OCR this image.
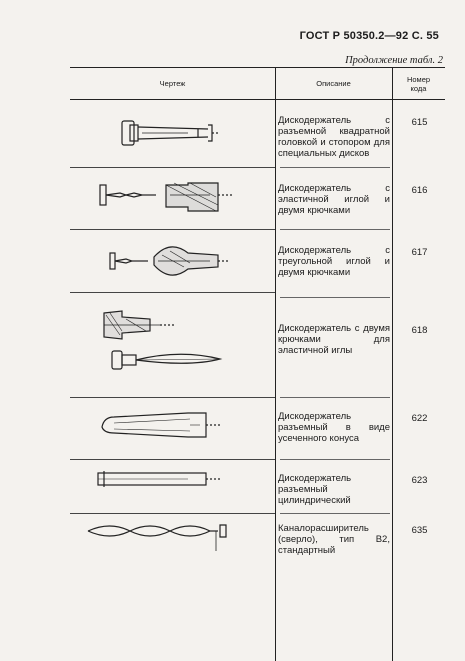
ГОСТ Р 50350.2—92 С. 55
Продолжение табл. 2
Чертеж	Описание	Номер
кода
Дискодержатель с разъемной квадратной головкой и стопором для специальных дисков
615
Дискодержатель с эластичной иглой и двумя крючками
616
Дискодержатель с треугольной иглой и двумя крючками
617
Дискодержатель с двумя крючками для эластичной иглы
618
Дискодержатель разъемный в виде усеченного конуса
622
Дискодержатель разъемный цилиндрический
623
Каналорасширитель (сверло), тип В2, стандартный
635
